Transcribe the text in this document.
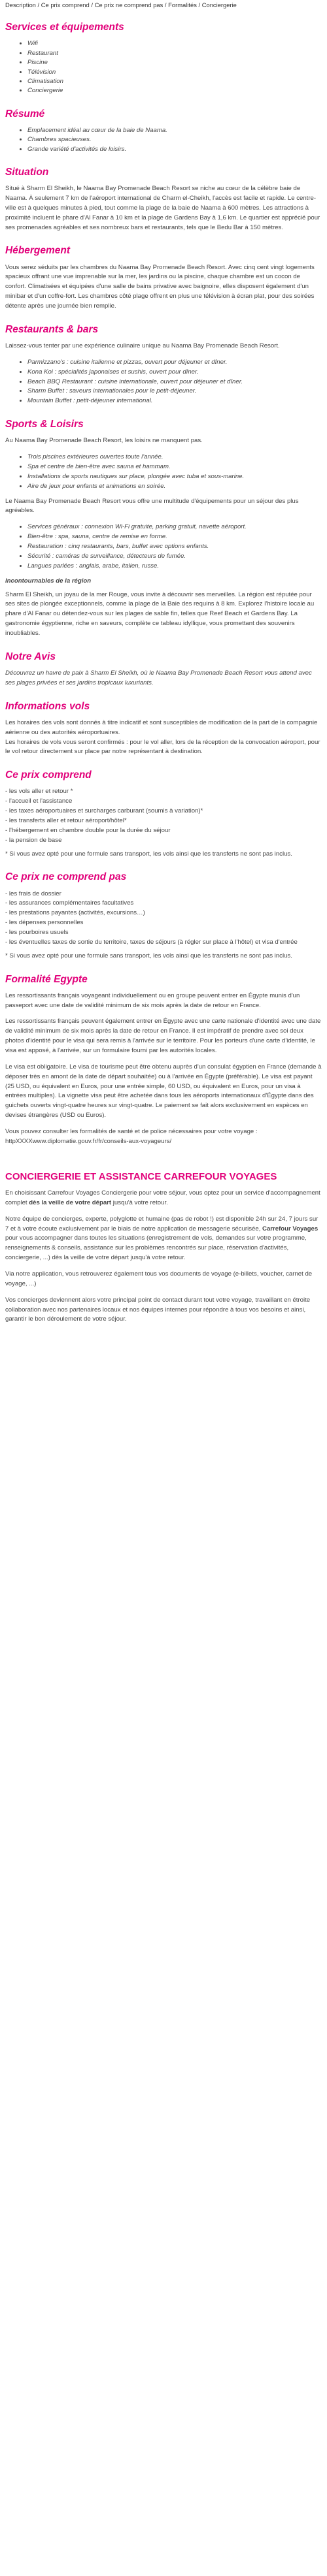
Description / Ce prix comprend / Ce prix ne comprend pas / Formalités / Conciergerie
Services et équipements
• Wifi
• Restaurant
• Piscine
• Télévision
• Climatisation
• Conciergerie
Résumé
• Emplacement idéal au cœur de la baie de Naama.
• Chambres spacieuses.
• Grande variété d'activités de loisirs.
Situation

Situé à Sharm El Sheikh, le Naama Bay Promenade Beach Resort se niche au cœur de la célèbre baie de Naama. À seulement 7 km de l'aéroport international de Charm el-Cheikh, l'accès est facile et rapide. Le centre-ville est à quelques minutes à pied, tout comme la plage de la baie de Naama à 600 mètres. Les attractions à proximité incluent le phare d'Al Fanar à 10 km et la plage de Gardens Bay à 1,6 km. Le quartier est apprécié pour ses promenades agréables et ses nombreux bars et restaurants, tels que le Bedu Bar à 150 mètres.

Hébergement

Vous serez séduits par les chambres du Naama Bay Promenade Beach Resort. Avec cinq cent vingt logements spacieux offrant une vue imprenable sur la mer, les jardins ou la piscine, chaque chambre est un cocon de confort. Climatisées et équipées d'une salle de bains privative avec baignoire, elles disposent également d'un minibar et d'un coffre-fort. Les chambres côté plage offrent en plus une télévision à écran plat, pour des soirées détente après une journée bien remplie.

Restaurants & bars

Laissez-vous tenter par une expérience culinaire unique au Naama Bay Promenade Beach Resort.

• Parmizzano's : cuisine italienne et pizzas, ouvert pour déjeuner et dîner.
• Kona Koi : spécialités japonaises et sushis, ouvert pour dîner.
• Beach BBQ Restaurant : cuisine internationale, ouvert pour déjeuner et dîner.
• Sharm Buffet : saveurs internationales pour le petit-déjeuner.
• Mountain Buffet : petit-déjeuner international.
Sports & Loisirs

Au Naama Bay Promenade Beach Resort, les loisirs ne manquent pas.

• Trois piscines extérieures ouvertes toute l'année.
• Spa et centre de bien-être avec sauna et hammam.
• Installations de sports nautiques sur place, plongée avec tuba et sous-marine.
• Aire de jeux pour enfants et animations en soirée.

Le Naama Bay Promenade Beach Resort vous offre une multitude d'équipements pour un séjour des plus agréables.

• Services généraux : connexion Wi-Fi gratuite, parking gratuit, navette aéroport.
• Bien-être : spa, sauna, centre de remise en forme.
• Restauration : cinq restaurants, bars, buffet avec options enfants.
• Sécurité : caméras de surveillance, détecteurs de fumée.
• Langues parlées : anglais, arabe, italien, russe.
Incontournables de la région

Sharm El Sheikh, un joyau de la mer Rouge, vous invite à découvrir ses merveilles. La région est réputée pour ses sites de plongée exceptionnels, comme la plage de la Baie des requins à 8 km. Explorez l'histoire locale au phare d'Al Fanar ou détendez-vous sur les plages de sable fin, telles que Reef Beach et Gardens Bay. La gastronomie égyptienne, riche en saveurs, complète ce tableau idyllique, vous promettant des souvenirs inoubliables.

Notre Avis

Découvrez un havre de paix à Sharm El Sheikh, où le Naama Bay Promenade Beach Resort vous attend avec ses plages privées et ses jardins tropicaux luxuriants.

Informations vols

Les horaires des vols sont donnés à titre indicatif et sont susceptibles de modification de la part de la compagnie aérienne ou des autorités aéroportuaires.

Les horaires de vols vous seront confirmés : pour le vol aller, lors de la réception de la convocation aéroport, pour le vol retour directement sur place par notre représentant à destination.

Ce prix comprend

- les vols aller et retour *

- l'accueil et l'assistance

- les taxes aéroportuaires et surcharges carburant (soumis à variation)*

- les transferts aller et retour aéroport/hôtel*

- l'hébergement en chambre double pour la durée du séjour

- la pension de base

* Si vous avez opté pour une formule sans transport, les vols ainsi que les transferts ne sont pas inclus.

Ce prix ne comprend pas

- les frais de dossier

- les assurances complémentaires facultatives

- les prestations payantes (activités, excursions…)

- les dépenses personnelles

- les pourboires usuels

- les éventuelles taxes de sortie du territoire, taxes de séjours (à régler sur place à l'hôtel) et visa d'entrée

* Si vous avez opté pour une formule sans transport, les vols ainsi que les transferts ne sont pas inclus.

Formalité Egypte

Les ressortissants français voyageant individuellement ou en groupe peuvent entrer en Égypte munis d'un passeport avec une date de validité minimum de six mois après la date de retour en France.

Les ressortissants français peuvent également entrer en Égypte avec une carte nationale d'identité avec une date de validité minimum de six mois après la date de retour en France. Il est impératif de prendre avec soi deux photos d'identité pour le visa qui sera remis à l'arrivée sur le territoire. Pour les porteurs d'une carte d'identité, le visa est apposé, à l'arrivée, sur un formulaire fourni par les autorités locales.

Le visa est obligatoire. Le visa de tourisme peut être obtenu auprès d'un consulat égyptien en France (demande à déposer très en amont de la date de départ souhaitée) ou à l'arrivée en Égypte (préférable). Le visa est payant (25 USD, ou équivalent en Euros, pour une entrée simple, 60 USD, ou équivalent en Euros, pour un visa à entrées multiples). La vignette visa peut être achetée dans tous les aéroports internationaux d'Égypte dans des guichets ouverts vingt-quatre heures sur vingt-quatre. Le paiement se fait alors exclusivement en espèces en devises étrangères (USD ou Euros).

Vous pouvez consulter les formalités de santé et de police nécessaires pour votre voyage :

httpXXXXwww.diplomatie.gouv.fr/fr/conseils-aux-voyageurs/

CONCIERGERIE ET ASSISTANCE CARREFOUR VOYAGES

En choisissant Carrefour Voyages Conciergerie pour votre séjour, vous optez pour un service d'accompagnement complet dès la veille de votre départ jusqu'à votre retour.

Notre équipe de concierges, experte, polyglotte et humaine (pas de robot !) est disponible 24h sur 24, 7 jours sur 7 et à votre écoute exclusivement par le biais de notre application de messagerie sécurisée, Carrefour Voyages pour vous accompagner dans toutes les situations (enregistrement de vols, demandes sur votre programme, renseignements & conseils, assistance sur les problèmes rencontrés sur place, réservation d'activités, conciergerie, ...) dès la veille de votre départ jusqu'à votre retour.

Via notre application, vous retrouverez également tous vos documents de voyage (e-billets, voucher, carnet de voyage, ...)

Vos concierges deviennent alors votre principal point de contact durant tout votre voyage, travaillant en étroite collaboration avec nos partenaires locaux et nos équipes internes pour répondre à tous vos besoins et ainsi, garantir le bon déroulement de votre séjour.
